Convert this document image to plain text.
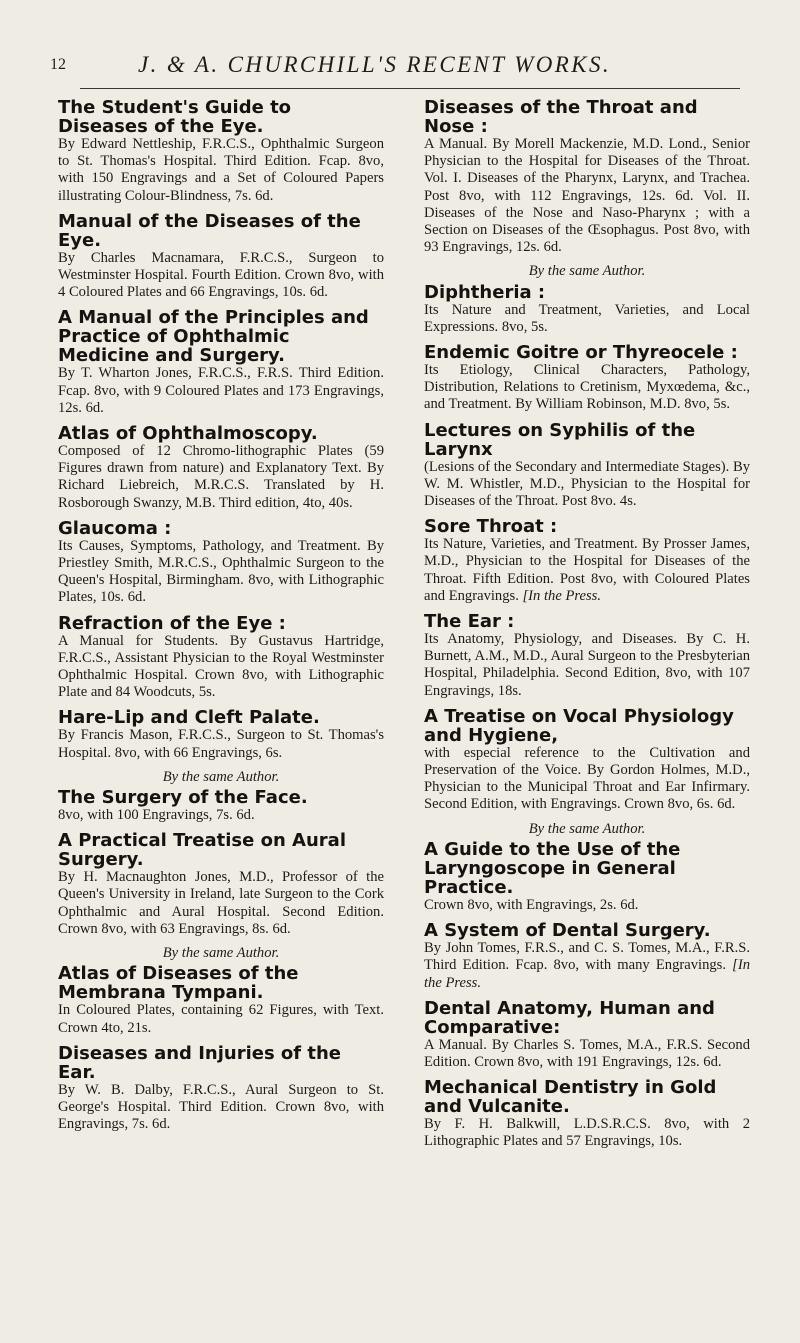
12	J. & A. CHURCHILL'S RECENT WORKS.
The Student's Guide to Diseases of the Eye.
By Edward Nettleship, F.R.C.S., Ophthalmic Surgeon to St. Thomas's Hospital. Third Edition. Fcap. 8vo, with 150 Engravings and a Set of Coloured Papers illustrating Colour-Blindness, 7s. 6d.
Manual of the Diseases of the Eye.
By Charles Macnamara, F.R.C.S., Surgeon to Westminster Hospital. Fourth Edition. Crown 8vo, with 4 Coloured Plates and 66 Engravings, 10s. 6d.
A Manual of the Principles and Practice of Ophthalmic Medicine and Surgery.
By T. Wharton Jones, F.R.C.S., F.R.S. Third Edition. Fcap. 8vo, with 9 Coloured Plates and 173 Engravings, 12s. 6d.
Atlas of Ophthalmoscopy.
Composed of 12 Chromo-lithographic Plates (59 Figures drawn from nature) and Explanatory Text. By Richard Liebreich, M.R.C.S. Translated by H. Rosborough Swanzy, M.B. Third edition, 4to, 40s.
Glaucoma :
Its Causes, Symptoms, Pathology, and Treatment. By Priestley Smith, M.R.C.S., Ophthalmic Surgeon to the Queen's Hospital, Birmingham. 8vo, with Lithographic Plates, 10s. 6d.
Refraction of the Eye :
A Manual for Students. By Gustavus Hartridge, F.R.C.S., Assistant Physician to the Royal Westminster Ophthalmic Hospital. Crown 8vo, with Lithographic Plate and 84 Woodcuts, 5s.
Hare-Lip and Cleft Palate.
By Francis Mason, F.R.C.S., Surgeon to St. Thomas's Hospital. 8vo, with 66 Engravings, 6s.
By the same Author.
The Surgery of the Face.
8vo, with 100 Engravings, 7s. 6d.
A Practical Treatise on Aural Surgery.
By H. Macnaughton Jones, M.D., Professor of the Queen's University in Ireland, late Surgeon to the Cork Ophthalmic and Aural Hospital. Second Edition. Crown 8vo, with 63 Engravings, 8s. 6d.
By the same Author.
Atlas of Diseases of the Membrana Tympani.
In Coloured Plates, containing 62 Figures, with Text. Crown 4to, 21s.
Diseases and Injuries of the Ear.
By W. B. Dalby, F.R.C.S., Aural Surgeon to St. George's Hospital. Third Edition. Crown 8vo, with Engravings, 7s. 6d.
Diseases of the Throat and Nose :
A Manual. By Morell Mackenzie, M.D. Lond., Senior Physician to the Hospital for Diseases of the Throat. Vol. I. Diseases of the Pharynx, Larynx, and Trachea. Post 8vo, with 112 Engravings, 12s. 6d. Vol. II. Diseases of the Nose and Naso-Pharynx ; with a Section on Diseases of the Œsophagus. Post 8vo, with 93 Engravings, 12s. 6d.
By the same Author.
Diphtheria :
Its Nature and Treatment, Varieties, and Local Expressions. 8vo, 5s.
Endemic Goitre or Thyreocele :
Its Etiology, Clinical Characters, Pathology, Distribution, Relations to Cretinism, Myxœdema, &c., and Treatment. By William Robinson, M.D. 8vo, 5s.
Lectures on Syphilis of the Larynx
(Lesions of the Secondary and Intermediate Stages). By W. M. Whistler, M.D., Physician to the Hospital for Diseases of the Throat. Post 8vo. 4s.
Sore Throat :
Its Nature, Varieties, and Treatment. By Prosser James, M.D., Physician to the Hospital for Diseases of the Throat. Fifth Edition. Post 8vo, with Coloured Plates and Engravings. [In the Press.
The Ear :
Its Anatomy, Physiology, and Diseases. By C. H. Burnett, A.M., M.D., Aural Surgeon to the Presbyterian Hospital, Philadelphia. Second Edition, 8vo, with 107 Engravings, 18s.
A Treatise on Vocal Physiology and Hygiene,
with especial reference to the Cultivation and Preservation of the Voice. By Gordon Holmes, M.D., Physician to the Municipal Throat and Ear Infirmary. Second Edition, with Engravings. Crown 8vo, 6s. 6d.
By the same Author.
A Guide to the Use of the Laryngoscope in General Practice.
Crown 8vo, with Engravings, 2s. 6d.
A System of Dental Surgery.
By John Tomes, F.R.S., and C. S. Tomes, M.A., F.R.S. Third Edition. Fcap. 8vo, with many Engravings. [In the Press.
Dental Anatomy, Human and Comparative:
A Manual. By Charles S. Tomes, M.A., F.R.S. Second Edition. Crown 8vo, with 191 Engravings, 12s. 6d.
Mechanical Dentistry in Gold and Vulcanite.
By F. H. Balkwill, L.D.S.R.C.S. 8vo, with 2 Lithographic Plates and 57 Engravings, 10s.
